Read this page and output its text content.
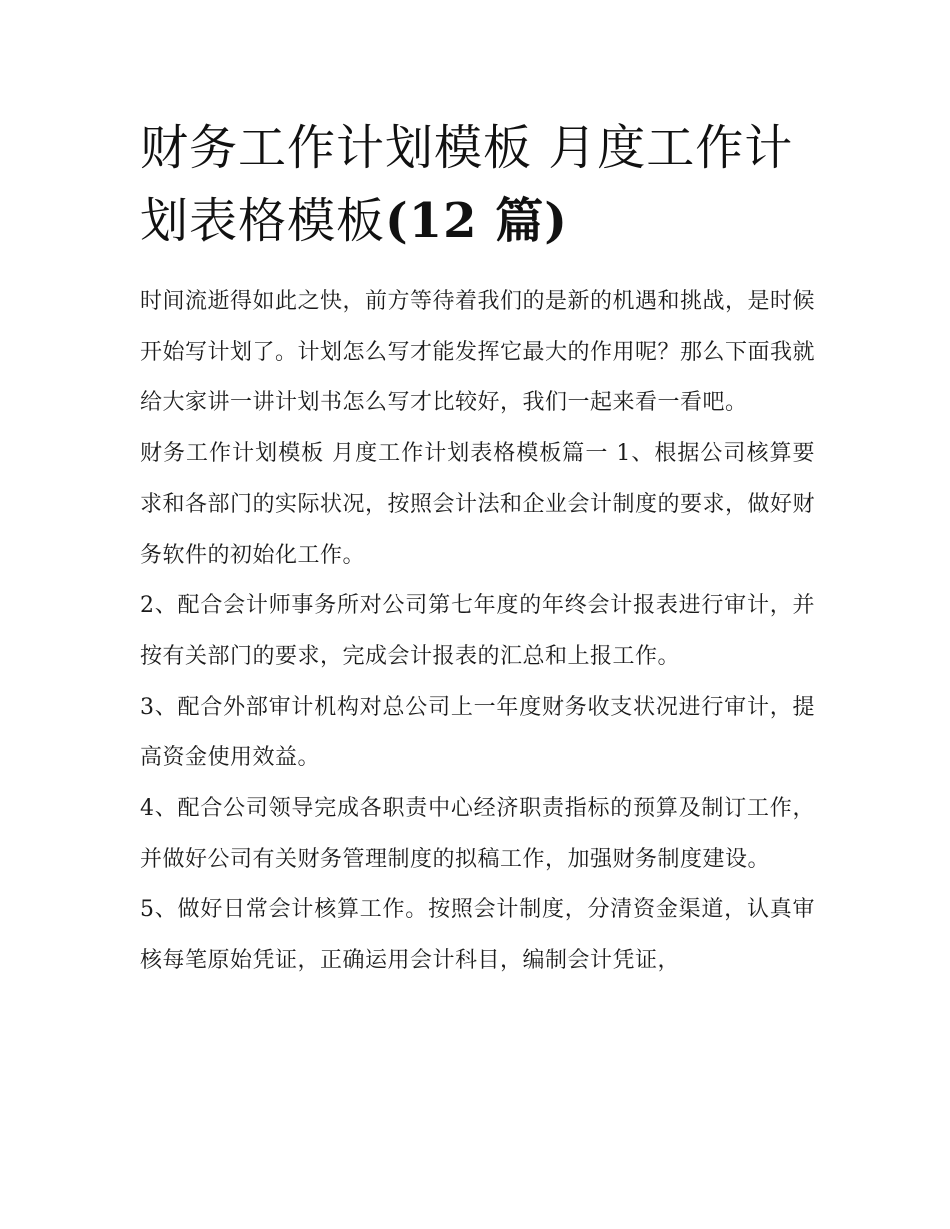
财务工作计划模板 月度工作计划表格模板(12 篇)

时间流逝得如此之快，前方等待着我们的是新的机遇和挑战，是时候开始写计划了。计划怎么写才能发挥它最大的作用呢？那么下面我就给大家讲一讲计划书怎么写才比较好，我们一起来看一看吧。

财务工作计划模板 月度工作计划表格模板篇一 1、根据公司核算要求和各部门的实际状况，按照会计法和企业会计制度的要求，做好财务软件的初始化工作。

2、配合会计师事务所对公司第七年度的年终会计报表进行审计，并按有关部门的要求，完成会计报表的汇总和上报工作。

3、配合外部审计机构对总公司上一年度财务收支状况进行审计，提高资金使用效益。

4、配合公司领导完成各职责中心经济职责指标的预算及制订工作，并做好公司有关财务管理制度的拟稿工作，加强财务制度建设。

5、做好日常会计核算工作。按照会计制度，分清资金渠道，认真审核每笔原始凭证，正确运用会计科目，编制会计凭证，
